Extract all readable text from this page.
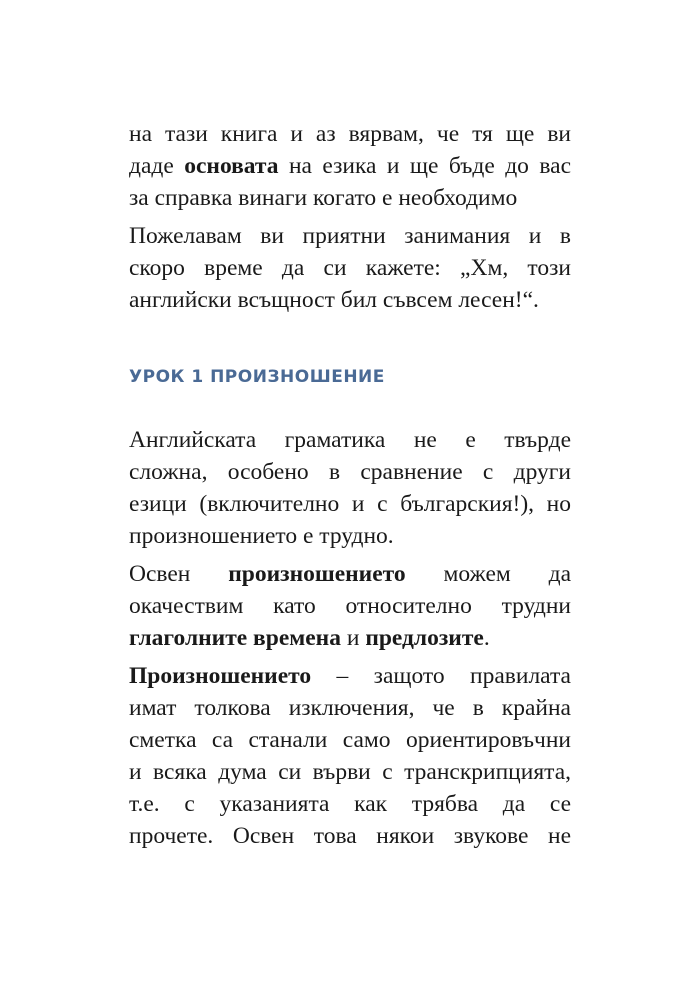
на тази книга и аз вярвам, че тя ще ви
даде основата на езика и ще бъде до вас
за справка винаги когато е необходимо
Пожелавам ви приятни занимания и в
скоро време да си кажете: „Хм, този
английски всъщност бил съвсем лесен!“.
УРОК 1 ПРОИЗНОШЕНИЕ
Английската граматика не е твърде
сложна, особено в сравнение с други
езици (включително и с българския!), но
произношението е трудно.
Освен произношението можем да
окачествим като относително трудни
глаголните времена и предлозите.
Произношението – защото правилата
имат толкова изключения, че в крайна
сметка са станали само ориентировъчни
и всяка дума си върви с транскрипцията,
т.е. с указанията как трябва да се
прочете. Освен това някои звукове не
